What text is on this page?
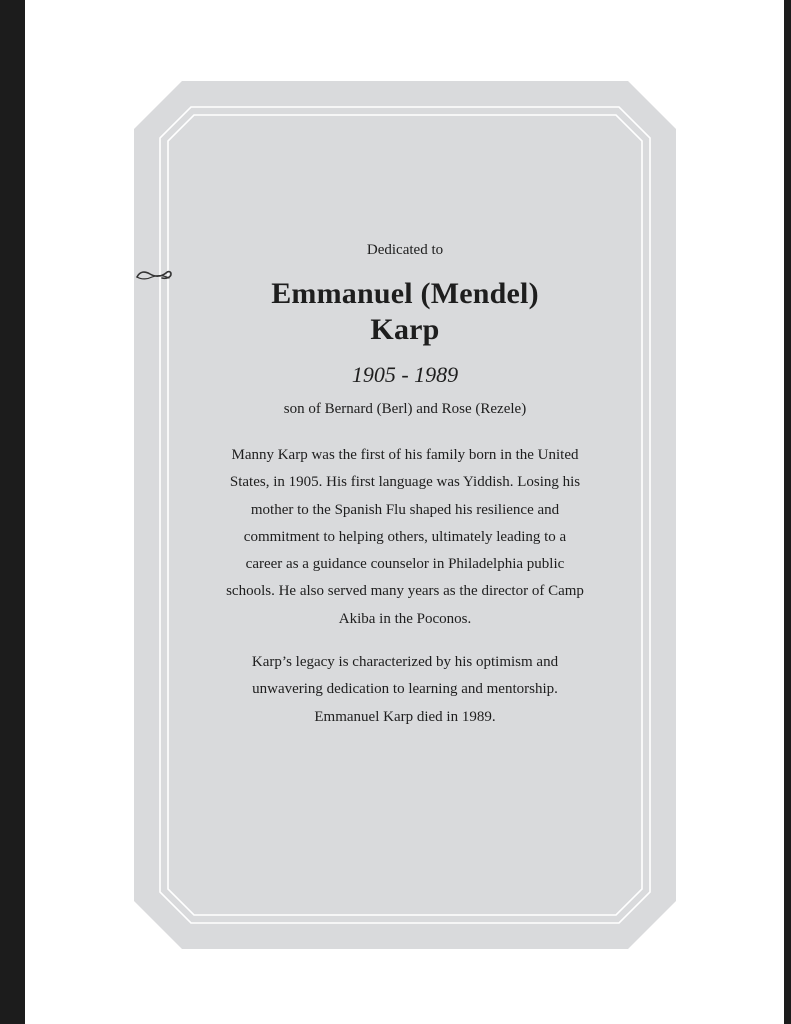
Dedicated to

Emmanuel (Mendel)
Karp

1905 - 1989

son of Bernard (Berl) and Rose (Rezele)

Manny Karp was the first of his family born in the United States, in 1905. His first language was Yiddish. Losing his mother to the Spanish Flu shaped his resilience and commitment to helping others, ultimately leading to a career as a guidance counselor in Philadelphia public schools. He also served many years as the director of Camp Akiba in the Poconos.

Karp’s legacy is characterized by his optimism and unwavering dedication to learning and mentorship. Emmanuel Karp died in 1989.
